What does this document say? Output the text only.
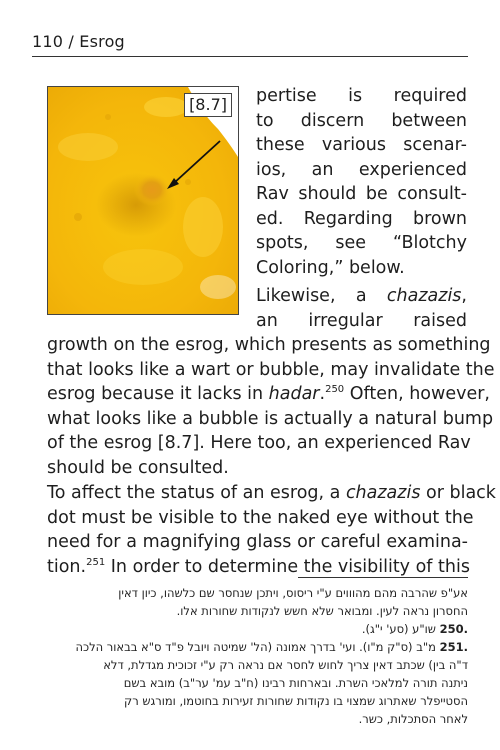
110 / Esrog
[8.7] pertise is required
to discern between
these various scenar-
ios, an experienced
Rav should be consult-
ed. Regarding brown
spots, see “Blotchy
Coloring,” below.
Likewise, a chazazis,
an irregular raised
growth on the esrog, which presents as something
that looks like a wart or bubble, may invalidate the
esrog because it lacks in hadar.$^{250}$ Often, however,
what looks like a bubble is actually a natural bump
of the esrog [8.7]. Here too, an experienced Rav
should be consulted.
To affect the status of an esrog, a chazazis or black
dot must be visible to the naked eye without the
need for a magnifying glass or careful examina-
tion.$^{251}$ In order to determine the visibility of this
אע"פ שהרבה מהם מהוווים ע"י ריסוס, ויתכן שנחסר שם כלשהו, כיון דאין
החסרון נראה לעין. ומבואר שלא חשש לנקודות שחורות אלו.
.250 שו"ע (סע' י"ג).
.251 מ"ב (ס"ק מ"ו). ועי' בדרך אמונה (הל' שמיטה ויובל פ"ד ס"א בבאור הלכה
ד"ה בין) שכתב דאין צריך לחוש לחסר אם נראה רק ע"י זכוכית מגדלת, דלא
ניתנה תורה למלאכי השרת. ובארחות רבינו (ח"ב עמ' ער"ב) מובא בשם
הסטייפלר שאתרוג שמצוי בו נקודות שחורות זעירות בחוטמו, ומורגש רק
לאחר הסתכלות, כשר.
